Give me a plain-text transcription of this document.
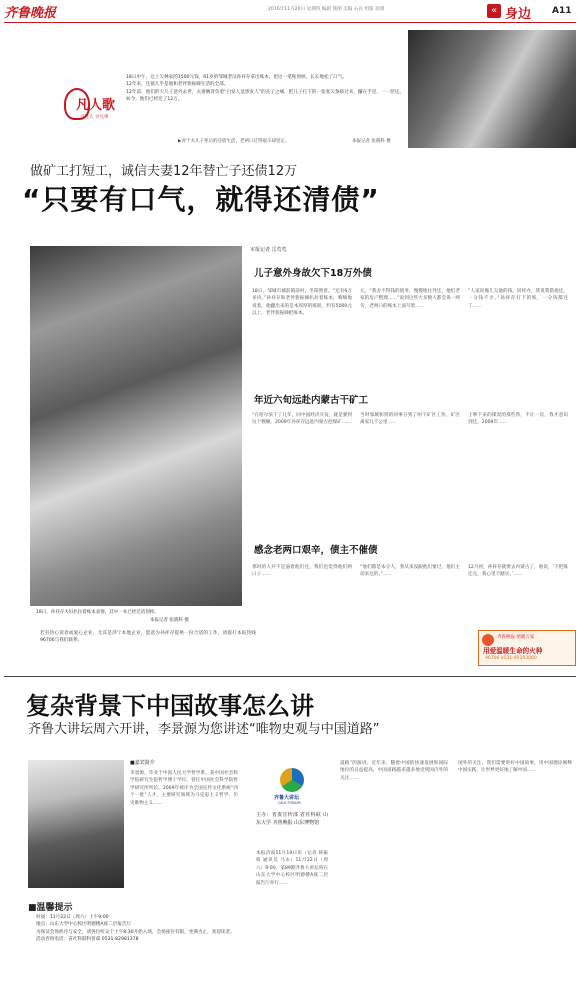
齐鲁晚报	2016年11月20日 星期四 编辑 熊朋 美编 石岩 组版 徐璞	« 身边 A11
凡人歌
百姓人 寻凡事
18日中午，还上欠林家的1500元钱，61岁的邹城老汉孙祥存拿出账本，把这一笔账划掉，长长地松了口气。
12年来，还债几乎是他和老伴裴振娣生活的全部。
12年前，他们的大儿子意外去世，夫妻俩背负着“白发人送黑发人”的丧子之痛，把儿子打下的一张张欠条接过来，攥在手里，一一偿还。如今，他们已经还了12万。
▶对于夫儿子死后的还债生活，老两口过得艰辛却坚定。	本报记者 张晓科 摄
做矿工打短工，诚信夫妻12年替亡子还债12万
“只要有口气，就得还清债”
18日，孙祥存夫妇扒拉着账本表情，其中一本已经还清划掉。
本报记者 张晓科 摄
本报记者 岳莺莺
儿子意外身故欠下18万外债
18日，邹城市城前镇前村，冬阳照着。“还有6万多块。”孙祥存和老伴裴振娣扒拉着账本，喃喃地说着，他翻出来的是本厚厚的账册，约有5000元以上，老伴裴振娣把账本。
元。“我舍不得钱的债务，慢慢地往外还，他们老家的房产整理……”说到这些大多数人都会说一两句，老两口的账本上面写着……
“人家说俺儿欠他的钱，同样办，我说我搭他还，一分钱不少。”孙祥存打下的账，一分钱都还了……
年近六旬远赴内蒙古干矿工
“在哈尔滨干了几年，同中国经济开发，就是要到这个数额，2009年孙祥存远赴内蒙古挖煤矿……
当时邹城和别的同事分到了两个矿区工作，矿区离家几千公里……
上够下来的煤炭的那些铁，不让一次，我才意识到还，2009年……
感念老两口艰辛，债主不催债
那时的人并不是逼着他们还，我们也觉得他们两口子……
“他们都是本分人，我从来没跟他们要过，他们主动来还的。”……
12月初，孙祥存就要去内蒙古了，他说，‘不把账还完，我心里不踏实。’……
齐鲁晚报·情暖万家
用爱温暖生命的火种
96706 0531-85193080
若有热心读者或爱心企业，尤其是济宁本地企业，愿意为孙祥存提供一份合适的工作，请拨打本报热线96706与我们联系。
复杂背景下中国故事怎么讲
齐鲁大讲坛周六开讲，李景源为您讲述“唯物史观与中国道路”
■嘉宾简介
李景源，毕业于中国人民大学哲学系，获中国社会科学院研究生院哲学博士学位，曾任中国社会科学院哲学研究所所长。2009年被评为全国宣传文化系统“四个一批”人才，主要研究领域为马克思主义哲学、历史唯物主义……
齐鲁大讲坛
QILU FORUM
主办：省委宣传部 省社科联 山东大学 齐鲁晚报 山东博物馆
本报济南11月19日讯（记者 韩振萌 通讯员 马永）11月22日（周六）9:00，第89期齐鲁大讲坛将在山东大学中心校区明德楼A座二层报告厅举行……
道路”的演讲。近年来，随着中国的快速发展和国际地位的日益提高，中国道路越来越多地受到国内外的关注……
国外的关注，我们需要讲好中国故事，用中国理论阐释中国实践，让世界更好地了解中国……
■温馨提示
时间：11月22日（周六）上午9:00
地点：山东大学中心校区明德楼A座二层报告厅
为保证会场秩序与安全，请各位听众于上午8:30开始入场，会场座位有限，坐满为止，欢迎读者。
活动咨询电话：省社科联科普部 0531-82981378
